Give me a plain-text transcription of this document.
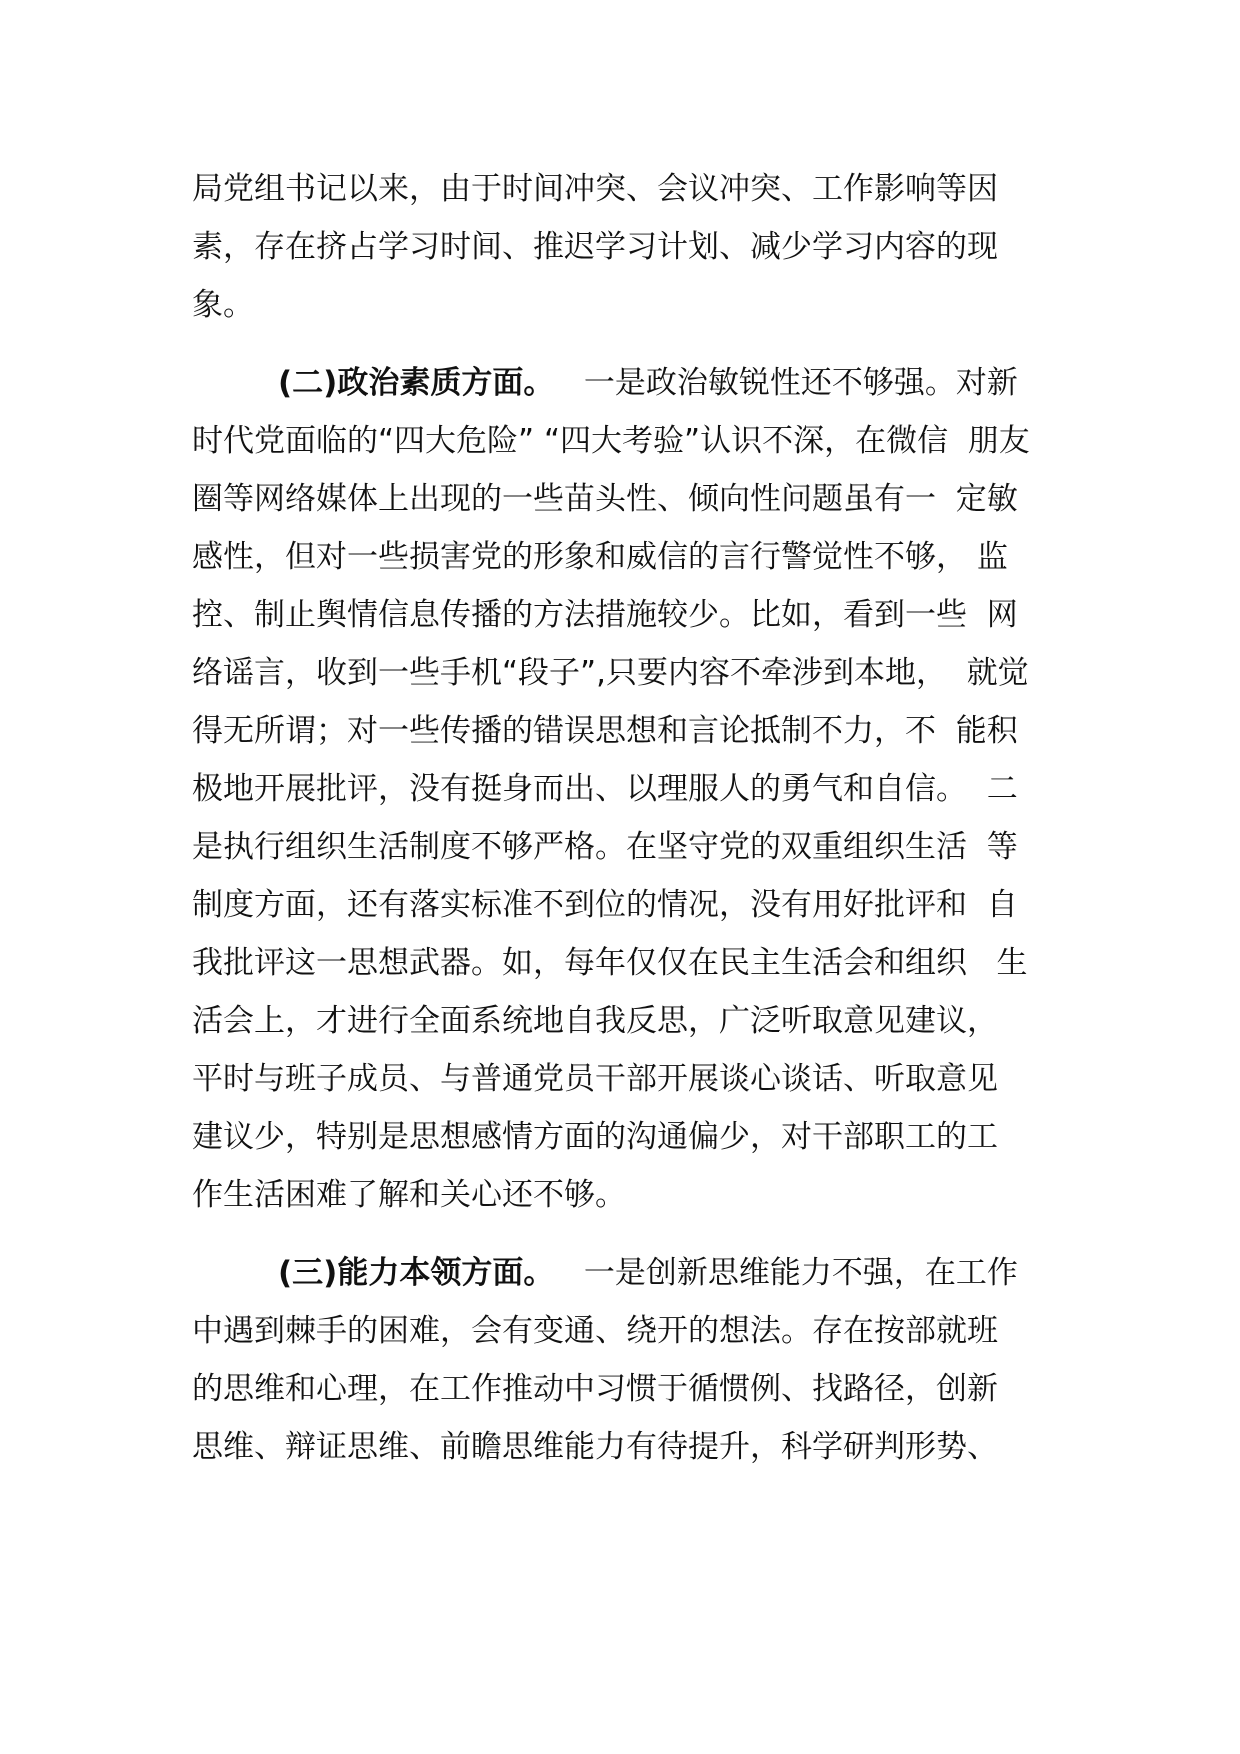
局党组书记以来，由于时间冲突、会议冲突、工作影响等因
素，存在挤占学习时间、推迟学习计划、减少学习内容的现
象。
(二)政治素质方面。 一是政治敏锐性还不够强。对新
时代党面临的“四大危险” “四大考验”认识不深，在微信  朋友
圈等网络媒体上出现的一些苗头性、倾向性问题虽有一  定敏
感性，但对一些损害党的形象和威信的言行警觉性不够， 监
控、制止舆情信息传播的方法措施较少。比如，看到一些  网
络谣言，收到一些手机“段子”,只要内容不牵涉到本地，  就觉
得无所谓；对一些传播的错误思想和言论抵制不力，不  能积
极地开展批评，没有挺身而出、以理服人的勇气和自信。  二
是执行组织生活制度不够严格。在坚守党的双重组织生活  等
制度方面，还有落实标准不到位的情况，没有用好批评和  自
我批评这一思想武器。如，每年仅仅在民主生活会和组织   生
活会上，才进行全面系统地自我反思，广泛听取意见建议，
平时与班子成员、与普通党员干部开展谈心谈话、听取意见
建议少，特别是思想感情方面的沟通偏少，对干部职工的工
作生活困难了解和关心还不够。
(三)能力本领方面。 一是创新思维能力不强，在工作
中遇到棘手的困难，会有变通、绕开的想法。存在按部就班
的思维和心理，在工作推动中习惯于循惯例、找路径，创新
思维、辩证思维、前瞻思维能力有待提升，科学研判形势、
